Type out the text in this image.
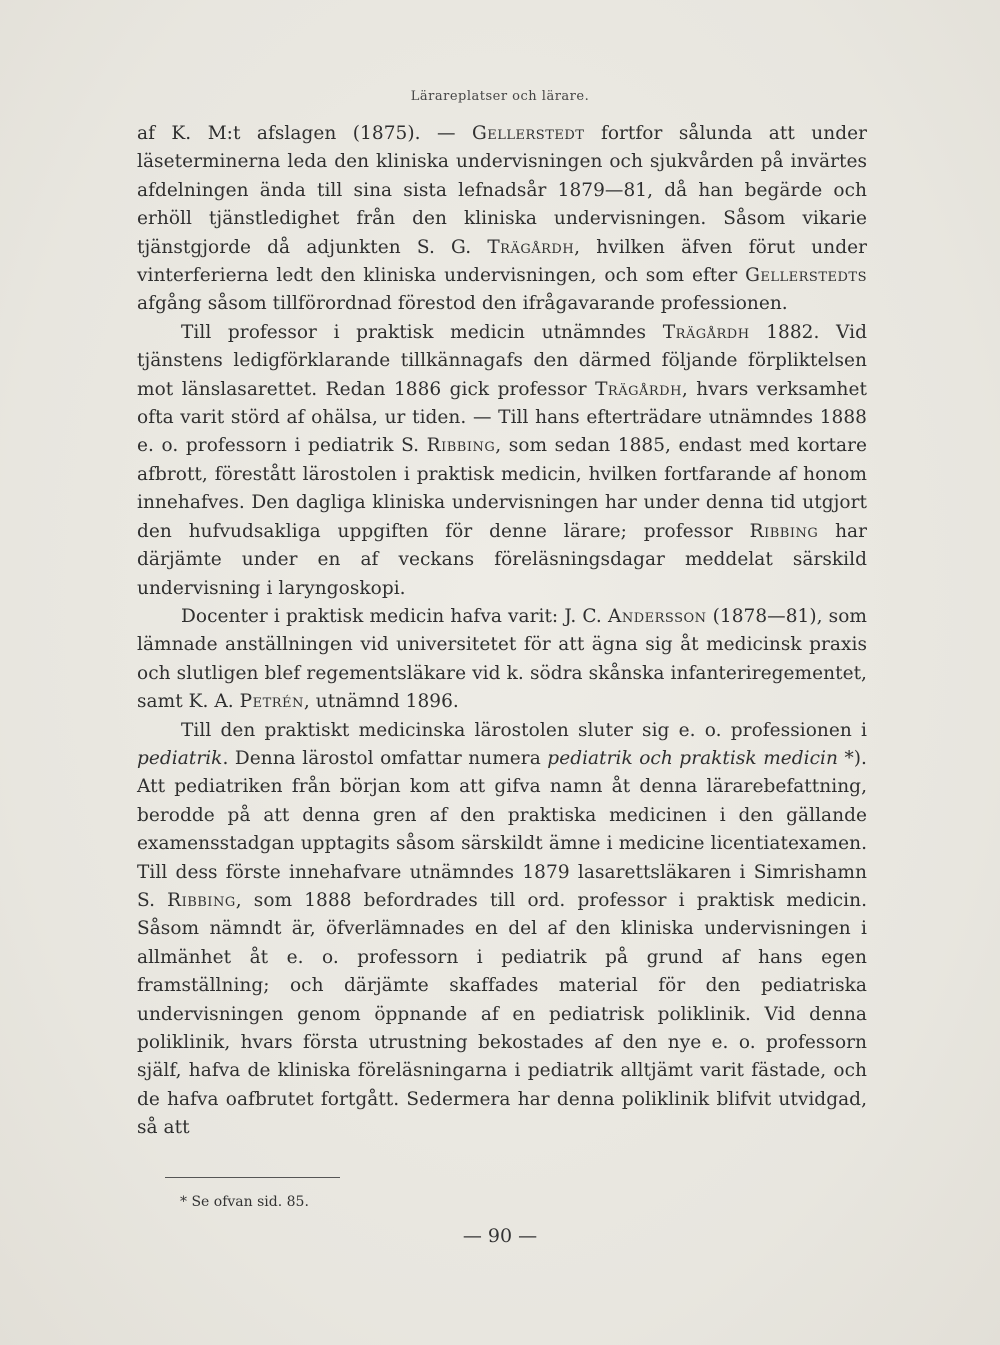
Lärareplatser och lärare.

af K. M:t afslagen (1875). — Gellerstedt fortfor sålunda att under läseterminerna leda den kliniska undervisningen och sjukvården på invärtes afdelningen ända till sina sista lefnadsår 1879—81, då han begärde och erhöll tjänstledighet från den kliniska undervisningen. Såsom vikarie tjänstgjorde då adjunkten S. G. Trägårdh, hvilken äfven förut under vinterferierna ledt den kliniska undervisningen, och som efter Gellerstedts afgång såsom tillförordnad förestod den ifrågavarande professionen.

Till professor i praktisk medicin utnämndes Trägårdh 1882. Vid tjänstens ledigförklarande tillkännagafs den därmed följande förpliktelsen mot länslasarettet. Redan 1886 gick professor Trägårdh, hvars verksamhet ofta varit störd af ohälsa, ur tiden. — Till hans efterträdare utnämndes 1888 e. o. professorn i pediatrik S. Ribbing, som sedan 1885, endast med kortare afbrott, förestått lärostolen i praktisk medicin, hvilken fortfarande af honom innehafves. Den dagliga kliniska undervisningen har under denna tid utgjort den hufvudsakliga uppgiften för denne lärare; professor Ribbing har därjämte under en af veckans föreläsningsdagar meddelat särskild undervisning i laryngoskopi.

Docenter i praktisk medicin hafva varit: J. C. Andersson (1878—81), som lämnade anställningen vid universitetet för att ägna sig åt medicinsk praxis och slutligen blef regementsläkare vid k. södra skånska infanteriregementet, samt K. A. Petrén, utnämnd 1896.

Till den praktiskt medicinska lärostolen sluter sig e. o. professionen i pediatrik. Denna lärostol omfattar numera pediatrik och praktisk medicin *). Att pediatriken från början kom att gifva namn åt denna lärarebefattning, berodde på att denna gren af den praktiska medicinen i den gällande examensstadgan upptagits såsom särskildt ämne i medicine licentiatexamen. Till dess förste innehafvare utnämndes 1879 lasarettsläkaren i Simrishamn S. Ribbing, som 1888 befordrades till ord. professor i praktisk medicin. Såsom nämndt är, öfverlämnades en del af den kliniska undervisningen i allmänhet åt e. o. professorn i pediatrik på grund af hans egen framställning; och därjämte skaffades material för den pediatriska undervisningen genom öppnande af en pediatrisk poliklinik. Vid denna poliklinik, hvars första utrustning bekostades af den nye e. o. professorn själf, hafva de kliniska föreläsningarna i pediatrik alltjämt varit fästade, och de hafva oafbrutet fortgått. Sedermera har denna poliklinik blifvit utvidgad, så att

* Se ofvan sid. 85.
— 90 —
